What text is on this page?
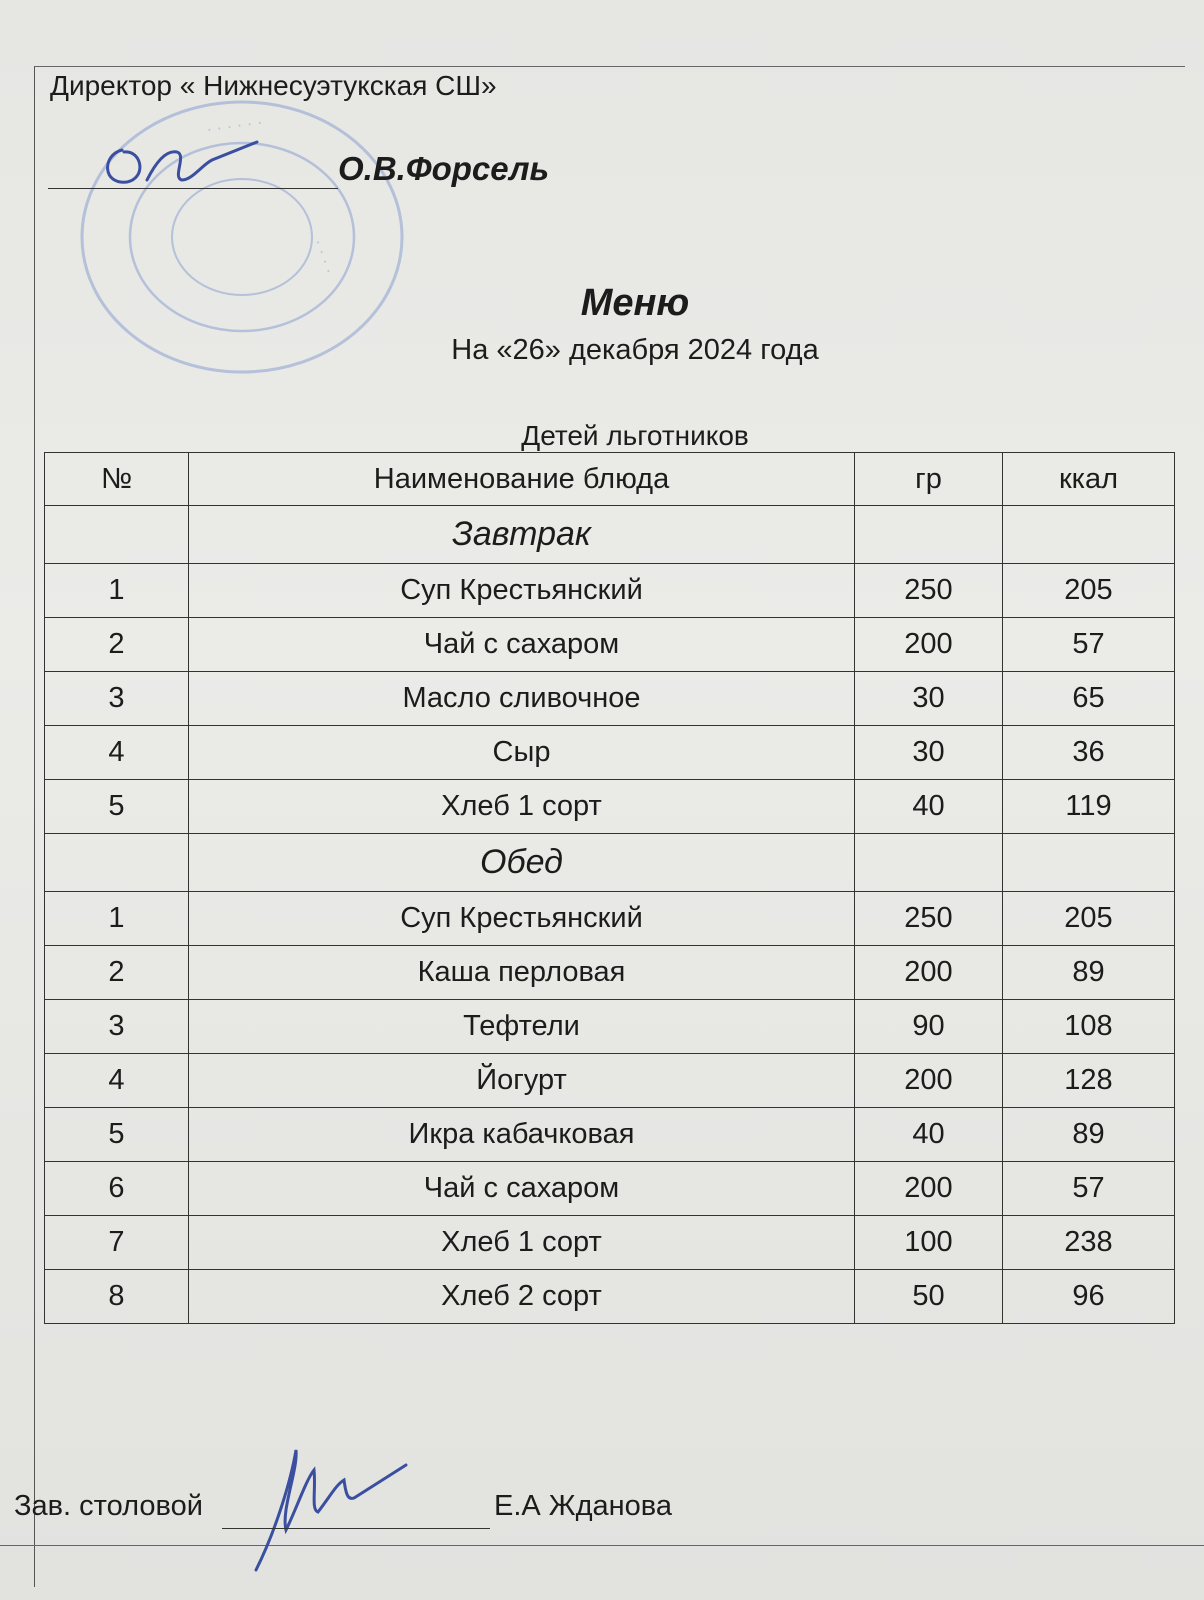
· · · · · ·
· · · ·
Директор « Нижнесуэтукская СШ»
О.В.Форсель
Меню
На «26» декабря 2024 года
Детей льготников
№	Наименование блюда	гр	ккал
	Завтрак		
1	Суп Крестьянский	250	205
2	Чай с сахаром	200	57
3	Масло сливочное	30	65
4	Сыр	30	36
5	Хлеб 1 сорт	40	119
	Обед		
1	Суп Крестьянский	250	205
2	Каша перловая	200	89
3	Тефтели	90	108
4	Йогурт	200	128
5	Икра кабачковая	40	89
6	Чай с сахаром	200	57
7	Хлеб 1 сорт	100	238
8	Хлеб 2 сорт	50	96
Зав. столовой	Е.А Жданова
